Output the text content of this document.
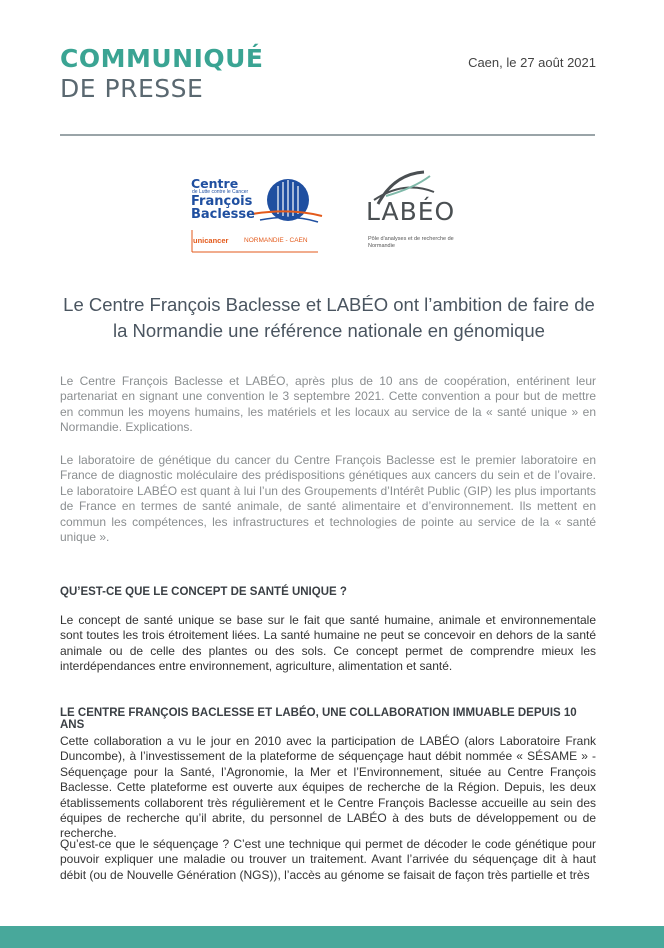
COMMUNIQUÉ
DE PRESSE
Caen, le 27 août 2021
Centre
de Lutte contre le Cancer
François
Baclesse
unicancer NORMANDIE - CAEN
LABÉO
Pôle d'analyses et de recherche de Normandie
Le Centre François Baclesse et LABÉO ont l’ambition de faire de la Normandie une référence nationale en génomique
Le Centre François Baclesse et LABÉO, après plus de 10 ans de coopération, entérinent leur partenariat en signant une convention le 3 septembre 2021. Cette convention a pour but de mettre en commun les moyens humains, les matériels et les locaux au service de la « santé unique » en Normandie. Explications.
Le laboratoire de génétique du cancer du Centre François Baclesse est le premier laboratoire en France de diagnostic moléculaire des prédispositions génétiques aux cancers du sein et de l’ovaire. Le laboratoire LABÉO est quant à lui l’un des Groupements d’Intérêt Public (GIP) les plus importants de France en termes de santé animale, de santé alimentaire et d’environnement. Ils mettent en commun les compétences, les infrastructures et technologies de pointe au service de la « santé unique ».
QU’EST-CE QUE LE CONCEPT DE SANTÉ UNIQUE ?
Le concept de santé unique se base sur le fait que santé humaine, animale et environnementale sont toutes les trois étroitement liées. La santé humaine ne peut se concevoir en dehors de la santé animale ou de celle des plantes ou des sols. Ce concept permet de comprendre mieux les interdépendances entre environnement, agriculture, alimentation et santé.
LE CENTRE FRANÇOIS BACLESSE ET LABÉO, UNE COLLABORATION IMMUABLE DEPUIS 10 ANS
Cette collaboration a vu le jour en 2010 avec la participation de LABÉO (alors Laboratoire Frank Duncombe), à l’investissement de la plateforme de séquençage haut débit nommée « SÉSAME » - Séquençage pour la Santé, l’Agronomie, la Mer et l’Environnement, située au Centre François Baclesse. Cette plateforme est ouverte aux équipes de recherche de la Région. Depuis, les deux établissements collaborent très régulièrement et le Centre François Baclesse accueille au sein des équipes de recherche qu’il abrite, du personnel de LABÉO à des buts de développement ou de recherche.
Qu’est-ce que le séquençage ? C’est une technique qui permet de décoder le code génétique pour pouvoir expliquer une maladie ou trouver un traitement. Avant l’arrivée du séquençage dit à haut débit (ou de Nouvelle Génération (NGS)), l’accès au génome se faisait de façon très partielle et très
